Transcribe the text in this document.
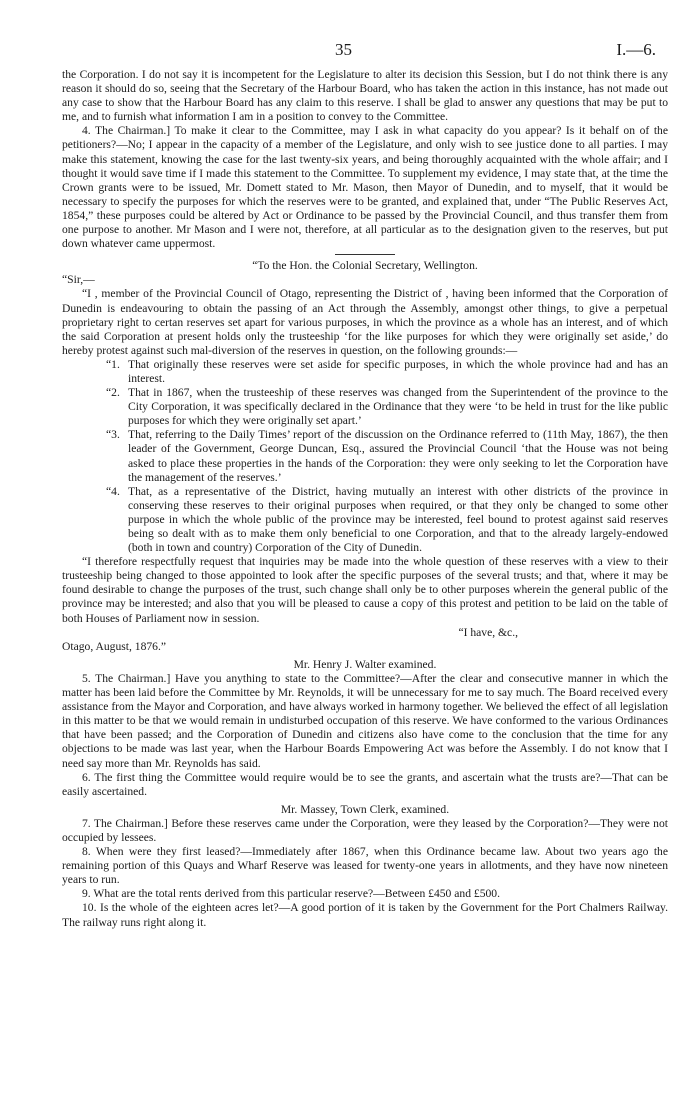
35	I.—6.

the Corporation. I do not say it is incompetent for the Legislature to alter its decision this Session, but I do not think there is any reason it should do so, seeing that the Secretary of the Harbour Board, who has taken the action in this instance, has not made out any case to show that the Harbour Board has any claim to this reserve. I shall be glad to answer any questions that may be put to me, and to furnish what information I am in a position to convey to the Committee.

4. The Chairman.] To make it clear to the Committee, may I ask in what capacity do you appear? Is it behalf on of the petitioners?—No; I appear in the capacity of a member of the Legislature, and only wish to see justice done to all parties. I may make this statement, knowing the case for the last twenty-six years, and being thoroughly acquainted with the whole affair; and I thought it would save time if I made this statement to the Committee. To supplement my evidence, I may state that, at the time the Crown grants were to be issued, Mr. Domett stated to Mr. Mason, then Mayor of Dunedin, and to myself, that it would be necessary to specify the purposes for which the reserves were to be granted, and explained that, under “The Public Reserves Act, 1854,” these purposes could be altered by Act or Ordinance to be passed by the Provincial Council, and thus transfer them from one purpose to another. Mr Mason and I were not, therefore, at all particular as to the designation given to the reserves, but put down whatever came uppermost.

“To the Hon. the Colonial Secretary, Wellington.

“Sir,—

“I , member of the Provincial Council of Otago, representing the District of , having been informed that the Corporation of Dunedin is endeavouring to obtain the passing of an Act through the Assembly, amongst other things, to give a perpetual proprietary right to certan reserves set apart for various purposes, in which the province as a whole has an interest, and of which the said Corporation at present holds only the trusteeship ‘for the like purposes for which they were originally set aside,’ do hereby protest against such mal-diversion of the reserves in question, on the following grounds:—

“1. That originally these reserves were set aside for specific purposes, in which the whole province had and has an interest.
“2. That in 1867, when the trusteeship of these reserves was changed from the Superintendent of the province to the City Corporation, it was specifically declared in the Ordinance that they were ‘to be held in trust for the like public purposes for which they were originally set apart.’
“3. That, referring to the Daily Times’ report of the discussion on the Ordinance referred to (11th May, 1867), the then leader of the Government, George Duncan, Esq., assured the Provincial Council ‘that the House was not being asked to place these properties in the hands of the Corporation: they were only seeking to let the Corporation have the management of the reserves.’
“4. That, as a representative of the District, having mutually an interest with other districts of the province in conserving these reserves to their original purposes when required, or that they only be changed to some other purpose in which the whole public of the province may be interested, feel bound to protest against said reserves being so dealt with as to make them only beneficial to one Corporation, and that to the already largely-endowed (both in town and country) Corporation of the City of Dunedin.

“I therefore respectfully request that inquiries may be made into the whole question of these reserves with a view to their trusteeship being changed to those appointed to look after the specific purposes of the several trusts; and that, where it may be found desirable to change the purposes of the trust, such change shall only be to other purposes wherein the general public of the province may be interested; and also that you will be pleased to cause a copy of this protest and petition to be laid on the table of both Houses of Parliament now in session.

“I have, &c.,

Otago, August, 1876.”

Mr. Henry J. Walter examined.

5. The Chairman.] Have you anything to state to the Committee?—After the clear and consecutive manner in which the matter has been laid before the Committee by Mr. Reynolds, it will be unnecessary for me to say much. The Board received every assistance from the Mayor and Corporation, and have always worked in harmony together. We believed the effect of all legislation in this matter to be that we would remain in undisturbed occupation of this reserve. We have conformed to the various Ordinances that have been passed; and the Corporation of Dunedin and citizens also have come to the conclusion that the time for any objections to be made was last year, when the Harbour Boards Empowering Act was before the Assembly. I do not know that I need say more than Mr. Reynolds has said.

6. The first thing the Committee would require would be to see the grants, and ascertain what the trusts are?—That can be easily ascertained.

Mr. Massey, Town Clerk, examined.

7. The Chairman.] Before these reserves came under the Corporation, were they leased by the Corporation?—They were not occupied by lessees.

8. When were they first leased?—Immediately after 1867, when this Ordinance became law. About two years ago the remaining portion of this Quays and Wharf Reserve was leased for twenty-one years in allotments, and they have now nineteen years to run.

9. What are the total rents derived from this particular reserve?—Between £450 and £500.

10. Is the whole of the eighteen acres let?—A good portion of it is taken by the Government for the Port Chalmers Railway. The railway runs right along it.
